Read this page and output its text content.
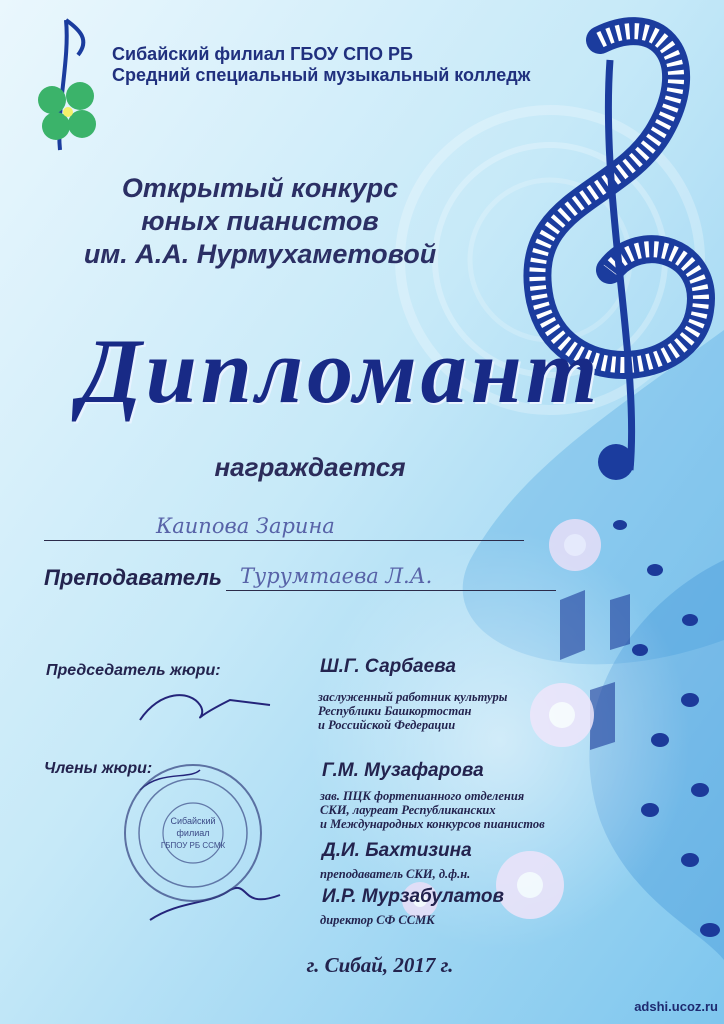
Сибайский филиал ГБОУ СПО РБ
Средний специальный музыкальный колледж
Открытый конкурс
юных пианистов
им. А.А. Нурмухаметовой
Дипломант
награждается
Каипова Зарина
Преподаватель Турумтаева Л.А.
Председатель жюри:	Ш.Г. Сарбаева
заслуженный работник культуры
Республики Башкортостан
и Российской Федерации
Члены жюри:	Г.М. Музафарова
зав. ПЦК фортепианного отделения
СКИ, лауреат Республиканских
и Международных конкурсов пианистов
Д.И. Бахтизина
преподаватель СКИ, д.ф.н.
И.Р. Мурзабулатов
директор СФ ССМК
Сибайский
филиал
ГБПОУ РБ ССМК
г. Сибай, 2017 г.
adshi.ucoz.ru
